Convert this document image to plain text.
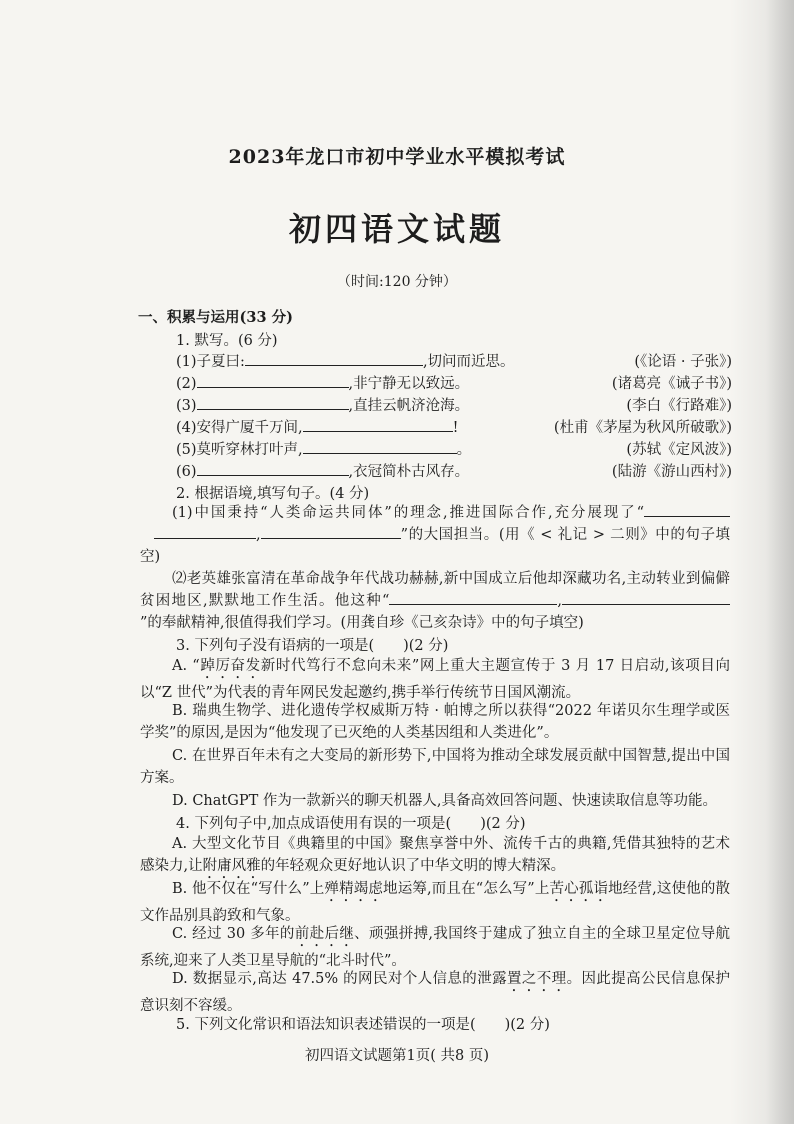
2023年龙口市初中学业水平模拟考试
初四语文试题
（时间:120 分钟）
一、积累与运用(33 分)
1. 默写。(6 分)
(1)子夏曰:	,切问而近思。	(《论语 · 子张》)
(2)	,非宁静无以致远。	(诸葛亮《诫子书》)
(3)	,直挂云帆济沧海。	(李白《行路难》)
(4)安得广厦千万间,	!	(杜甫《茅屋为秋风所破歌》)
(5)莫听穿林打叶声,	。	(苏轼《定风波》)
(6)	,衣冠简朴古风存。	(陆游《游山西村》)
2. 根据语境,填写句子。(4 分)
(1)中国秉持“人类命运共同体”的理念,推进国际合作,充分展现了“,	”的大国担当。(用《 < 礼记 > 二则》中的句子填空)
⑵老英雄张富清在革命战争年代战功赫赫,新中国成立后他却深藏功名,主动转业到偏僻贫困地区,默默地工作生活。他这种“	,”的奉献精神,很值得我们学习。(用龚自珍《己亥杂诗》中的句子填空)
3. 下列句子没有语病的一项是(　　)(2 分)
A. “踔厉奋发新时代笃行不怠向未来”网上重大主题宣传于 3 月 17 日启动,该项目向以“Z 世代”为代表的青年网民发起邀约,携手举行传统节日国风潮流。
B. 瑞典生物学、进化遗传学权威斯万特 · 帕博之所以获得“2022 年诺贝尔生理学或医学奖”的原因,是因为“他发现了已灭绝的人类基因组和人类进化”。
C. 在世界百年未有之大变局的新形势下,中国将为推动全球发展贡献中国智慧,提出中国方案。
D. ChatGPT 作为一款新兴的聊天机器人,具备高效回答问题、快速读取信息等功能。
4. 下列句子中,加点成语使用有误的一项是(　　)(2 分)
A. 大型文化节目《典籍里的中国》聚焦享誉中外、流传千古的典籍,凭借其独特的艺术感染力,让附庸风雅的年轻观众更好地认识了中华文明的博大精深。
B. 他不仅在“写什么”上殚精竭虑地运筹,而且在“怎么写”上苦心孤诣地经营,这使他的散文作品别具韵致和气象。
C. 经过 30 多年的前赴后继、顽强拼搏,我国终于建成了独立自主的全球卫星定位导航系统,迎来了人类卫星导航的“北斗时代”。
D. 数据显示,高达 47.5% 的网民对个人信息的泄露置之不理。因此提高公民信息保护意识刻不容缓。
5. 下列文化常识和语法知识表述错误的一项是(　　)(2 分)
初四语文试题第1页( 共8 页)
